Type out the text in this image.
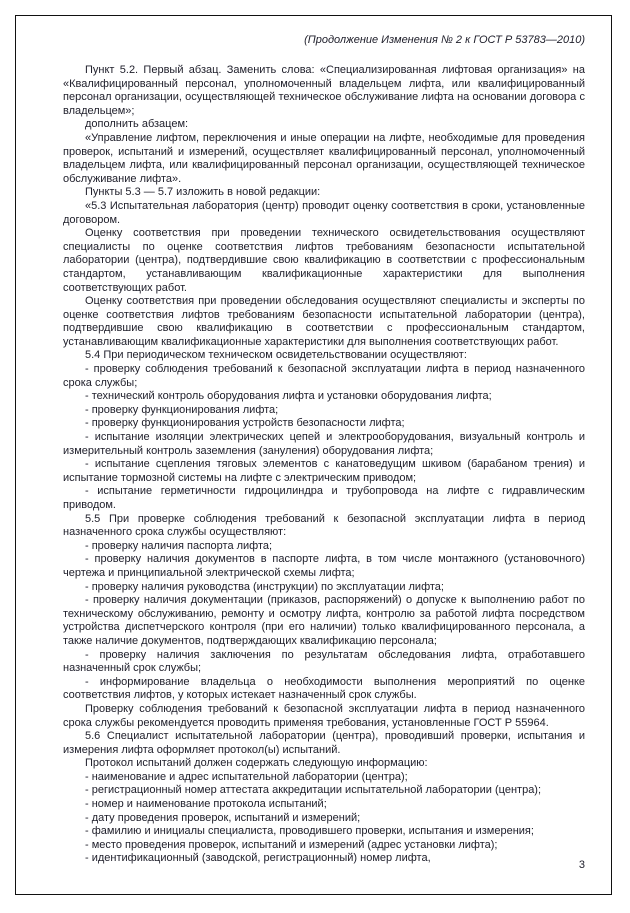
(Продолжение Изменения № 2 к ГОСТ Р 53783—2010)

Пункт 5.2. Первый абзац. Заменить слова: «Специализированная лифтовая организация» на «Квалифицированный персонал, уполномоченный владельцем лифта, или квалифицированный персонал организации, осуществляющей техническое обслуживание лифта на основании договора с владельцем»;

дополнить абзацем:

«Управление лифтом, переключения и иные операции на лифте, необходимые для проведения проверок, испытаний и измерений, осуществляет квалифицированный персонал, уполномоченный владельцем лифта, или квалифицированный персонал организации, осуществляющей техническое обслуживание лифта».

Пункты 5.3 — 5.7 изложить в новой редакции:

«5.3 Испытательная лаборатория (центр) проводит оценку соответствия в сроки, установленные договором.

Оценку соответствия при проведении технического освидетельствования осуществляют специалисты по оценке соответствия лифтов требованиям безопасности испытательной лаборатории (центра), подтвердившие свою квалификацию в соответствии с профессиональным стандартом, устанавливающим квалификационные характеристики для выполнения соответствующих работ.

Оценку соответствия при проведении обследования осуществляют специалисты и эксперты по оценке соответствия лифтов требованиям безопасности испытательной лаборатории (центра), подтвердившие свою квалификацию в соответствии с профессиональным стандартом, устанавливающим квалификационные характеристики для выполнения соответствующих работ.

5.4 При периодическом техническом освидетельствовании осуществляют:

- проверку соблюдения требований к безопасной эксплуатации лифта в период назначенного срока службы;

- технический контроль оборудования лифта и установки оборудования лифта;

- проверку функционирования лифта;

- проверку функционирования устройств безопасности лифта;

- испытание изоляции электрических цепей и электрооборудования, визуальный контроль и измерительный контроль заземления (зануления) оборудования лифта;

- испытание сцепления тяговых элементов с канатоведущим шкивом (барабаном трения) и испытание тормозной системы на лифте с электрическим приводом;

- испытание герметичности гидроцилиндра и трубопровода на лифте с гидравлическим приводом.

5.5 При проверке соблюдения требований к безопасной эксплуатации лифта в период назначенного срока службы осуществляют:

- проверку наличия паспорта лифта;

- проверку наличия документов в паспорте лифта, в том числе монтажного (установочного) чертежа и принципиальной электрической схемы лифта;

- проверку наличия руководства (инструкции) по эксплуатации лифта;

- проверку наличия документации (приказов, распоряжений) о допуске к выполнению работ по техническому обслуживанию, ремонту и осмотру лифта, контролю за работой лифта посредством устройства диспетчерского контроля (при его наличии) только квалифицированного персонала, а также наличие документов, подтверждающих квалификацию персонала;

- проверку наличия заключения по результатам обследования лифта, отработавшего назначенный срок службы;

- информирование владельца о необходимости выполнения мероприятий по оценке соответствия лифтов, у которых истекает назначенный срок службы.

Проверку соблюдения требований к безопасной эксплуатации лифта в период назначенного срока службы рекомендуется проводить применяя требования, установленные ГОСТ Р 55964.

5.6 Специалист испытательной лаборатории (центра), проводивший проверки, испытания и измерения лифта оформляет протокол(ы) испытаний.

Протокол испытаний должен содержать следующую информацию:

- наименование и адрес испытательной лаборатории (центра);

- регистрационный номер аттестата аккредитации испытательной лаборатории (центра);

- номер и наименование протокола испытаний;

- дату проведения проверок, испытаний и измерений;

- фамилию и инициалы специалиста, проводившего проверки, испытания и измерения;

- место проведения проверок, испытаний и измерений (адрес установки лифта);

- идентификационный (заводской, регистрационный) номер лифта,

3
